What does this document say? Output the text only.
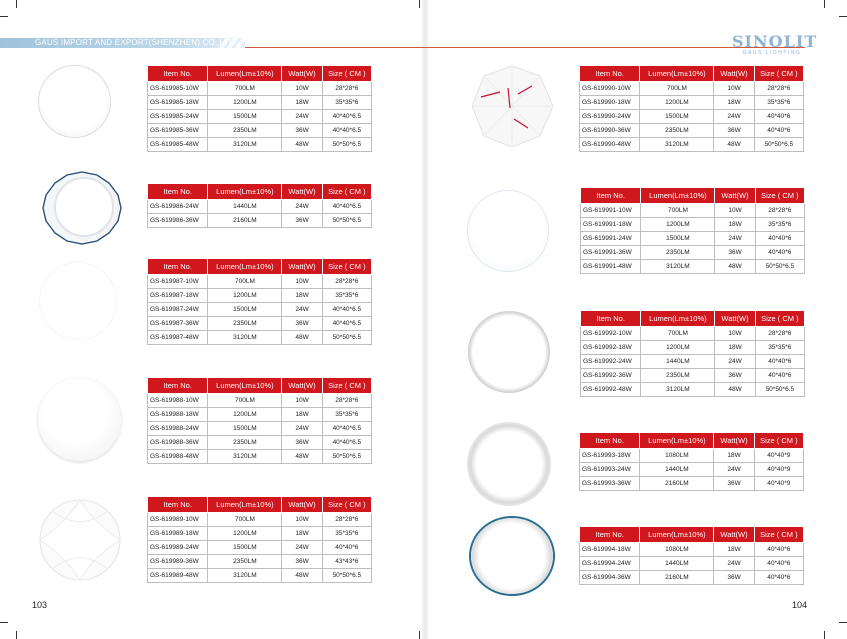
GAUS IMPORT AND EXPORT(SHENZHEN) CO.,LTD.	SINOLIT
GAUS LIGHTING
Item No.	Lumen(Lm±10%)	Watt(W)	Size ( CM )
GS-619985-10W	700LM	10W	28*28*6
GS-619985-18W	1200LM	18W	35*35*6
GS-619985-24W	1500LM	24W	40*40*6.5
GS-619985-36W	2350LM	36W	40*40*6.5
GS-619985-48W	3120LM	48W	50*50*6.5
Item No.	Lumen(Lm±10%)	Watt(W)	Size ( CM )
GS-619986-24W	1440LM	24W	40*40*6.5
GS-619986-36W	2160LM	36W	50*50*6.5
Item No.	Lumen(Lm±10%)	Watt(W)	Size ( CM )
GS-619987-10W	700LM	10W	28*28*6
GS-619987-18W	1200LM	18W	35*35*6
GS-619987-24W	1500LM	24W	40*40*6.5
GS-619987-36W	2350LM	36W	40*40*6.5
GS-619987-48W	3120LM	48W	50*50*6.5
Item No.	Lumen(Lm±10%)	Watt(W)	Size ( CM )
GS-619988-10W	700LM	10W	28*28*6
GS-619988-18W	1200LM	18W	35*35*6
GS-619988-24W	1500LM	24W	40*40*6.5
GS-619988-36W	2350LM	36W	40*40*6.5
GS-619988-48W	3120LM	48W	50*50*6.5
Item No.	Lumen(Lm±10%)	Watt(W)	Size ( CM )
GS-619989-10W	700LM	10W	28*28*6
GS-619989-18W	1200LM	18W	35*35*6
GS-619989-24W	1500LM	24W	40*40*6
GS-619989-36W	2350LM	36W	43*43*6
GS-619989-48W	3120LM	48W	50*50*6.5
Item No.	Lumen(Lm±10%)	Watt(W)	Size ( CM )
GS-619990-10W	700LM	10W	28*28*6
GS-619990-18W	1200LM	18W	35*35*6
GS-619990-24W	1500LM	24W	40*40*6
GS-619990-36W	2350LM	36W	40*40*6
GS-619990-48W	3120LM	48W	50*50*6.5
Item No.	Lumen(Lm±10%)	Watt(W)	Size ( CM )
GS-619991-10W	700LM	10W	28*28*6
GS-619991-18W	1200LM	18W	35*35*6
GS-619991-24W	1500LM	24W	40*40*6
GS-619991-36W	2350LM	36W	40*40*6
GS-619991-48W	3120LM	48W	50*50*6.5
Item No.	Lumen(Lm±10%)	Watt(W)	Size ( CM )
GS-619992-10W	700LM	10W	28*28*6
GS-619992-18W	1200LM	18W	35*35*6
GS-619992-24W	1440LM	24W	40*40*6
GS-619992-36W	2350LM	36W	40*40*6
GS-619992-48W	3120LM	48W	50*50*6.5
Item No.	Lumen(Lm±10%)	Watt(W)	Size ( CM )
GS-619993-18W	1080LM	18W	40*40*9
GS-619993-24W	1440LM	24W	40*40*9
GS-619993-36W	2160LM	36W	40*40*9
Item No.	Lumen(Lm±10%)	Watt(W)	Size ( CM )
GS-619994-18W	1080LM	18W	40*40*6
GS-619994-24W	1440LM	24W	40*40*6
GS-619994-36W	2160LM	36W	40*40*6
103	104
